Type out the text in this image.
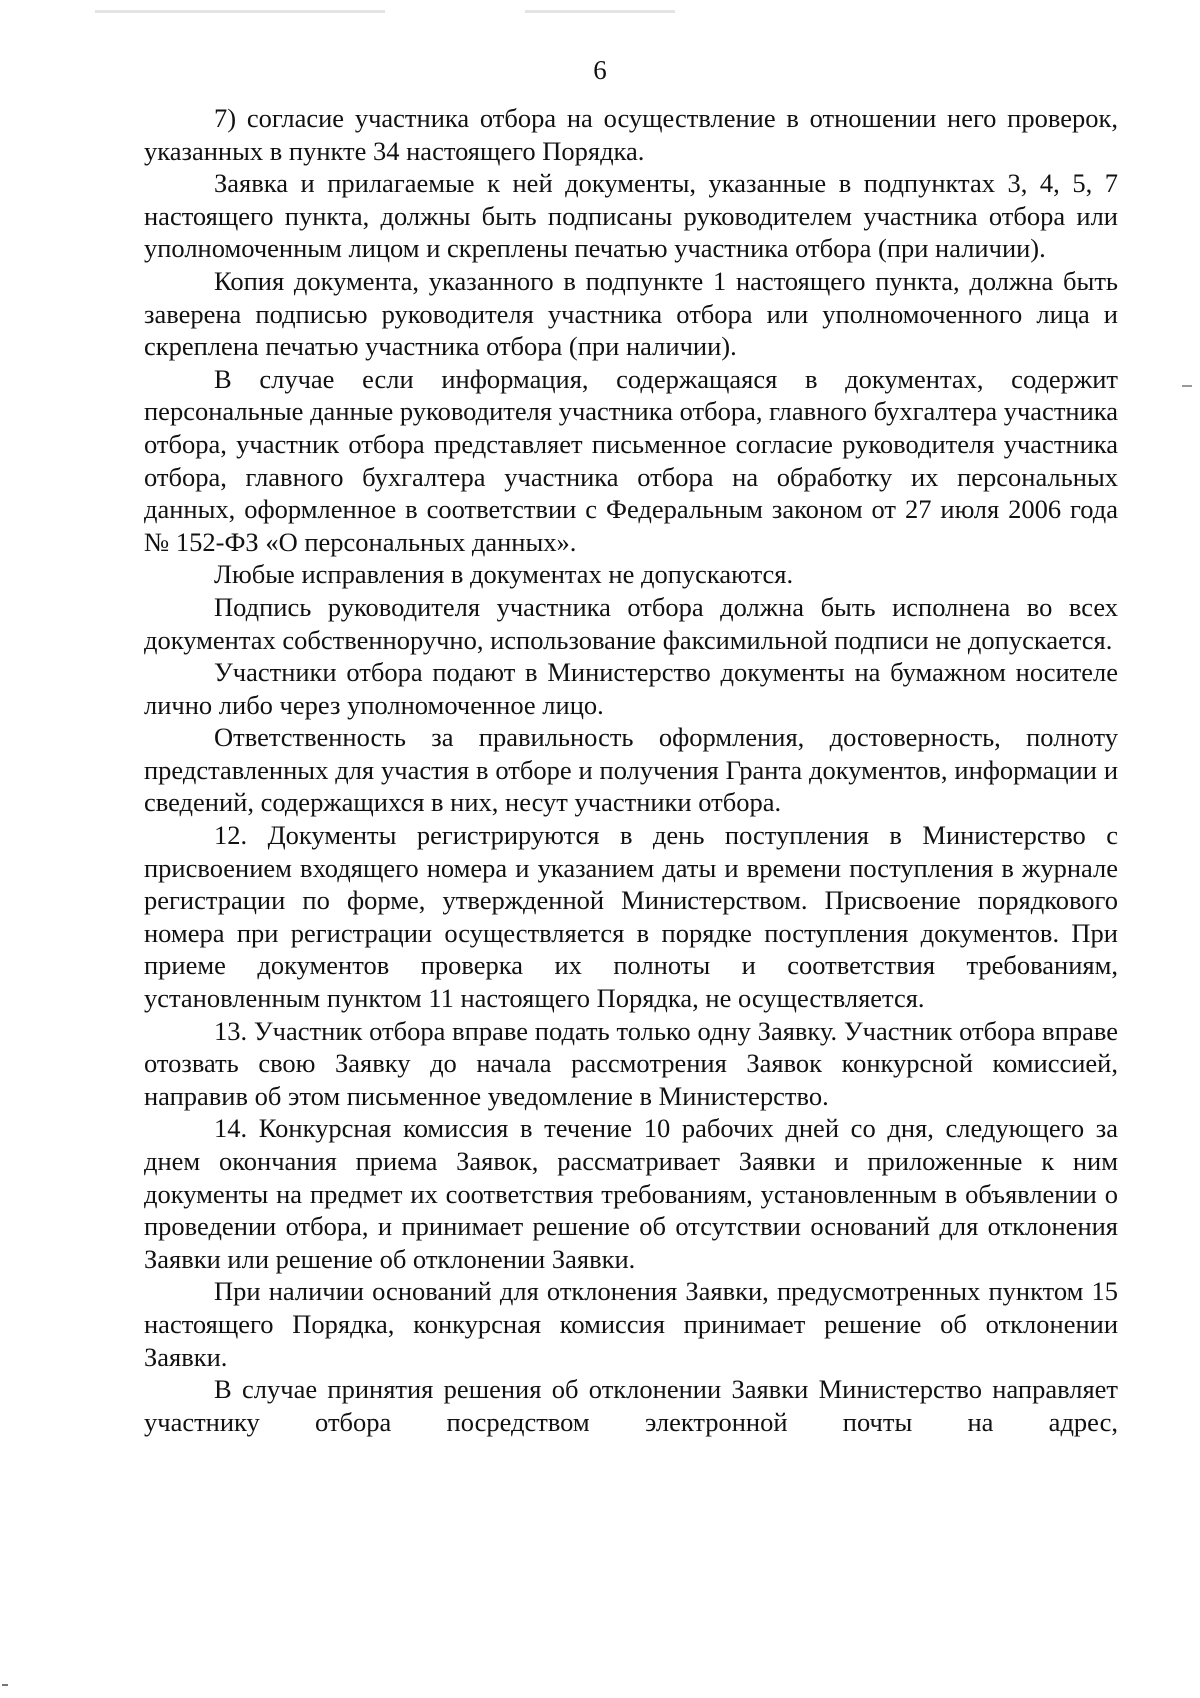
6

7) согласие участника отбора на осуществление в отношении него проверок, указанных в пункте 34 настоящего Порядка.

Заявка и прилагаемые к ней документы, указанные в подпунктах 3, 4, 5, 7 настоящего пункта, должны быть подписаны руководителем участника отбора или уполномоченным лицом и скреплены печатью участника отбора (при наличии).

Копия документа, указанного в подпункте 1 настоящего пункта, должна быть заверена подписью руководителя участника отбора или уполномоченного лица и скреплена печатью участника отбора (при наличии).

В случае если информация, содержащаяся в документах, содержит персональные данные руководителя участника отбора, главного бухгалтера участника отбора, участник отбора представляет письменное согласие руководителя участника отбора, главного бухгалтера участника отбора на обработку их персональных данных, оформленное в соответствии с Федеральным законом от 27 июля 2006 года № 152-ФЗ «О персональных данных».

Любые исправления в документах не допускаются.

Подпись руководителя участника отбора должна быть исполнена во всех документах собственноручно, использование факсимильной подписи не допускается.

Участники отбора подают в Министерство документы на бумажном носителе лично либо через уполномоченное лицо.

Ответственность за правильность оформления, достоверность, полноту представленных для участия в отборе и получения Гранта документов, информации и сведений, содержащихся в них, несут участники отбора.

12. Документы регистрируются в день поступления в Министерство с присвоением входящего номера и указанием даты и времени поступления в журнале регистрации по форме, утвержденной Министерством. Присвоение порядкового номера при регистрации осуществляется в порядке поступления документов. При приеме документов проверка их полноты и соответствия требованиям, установленным пунктом 11 настоящего Порядка, не осуществляется.

13. Участник отбора вправе подать только одну Заявку. Участник отбора вправе отозвать свою Заявку до начала рассмотрения Заявок конкурсной комиссией, направив об этом письменное уведомление в Министерство.

14. Конкурсная комиссия в течение 10 рабочих дней со дня, следующего за днем окончания приема Заявок, рассматривает Заявки и приложенные к ним документы на предмет их соответствия требованиям, установленным в объявлении о проведении отбора, и принимает решение об отсутствии оснований для отклонения Заявки или решение об отклонении Заявки.

При наличии оснований для отклонения Заявки, предусмотренных пунктом 15 настоящего Порядка, конкурсная комиссия принимает решение об отклонении Заявки.

В случае принятия решения об отклонении Заявки Министерство направляет участнику отбора посредством электронной почты на адрес,
